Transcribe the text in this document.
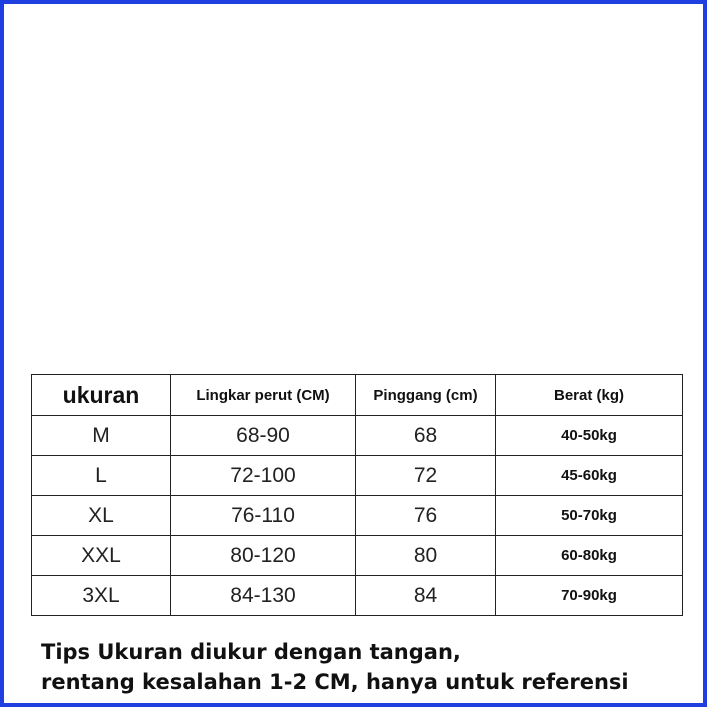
ukuran	Lingkar perut (CM)	Pinggang (cm)	Berat (kg)
M	68-90	68	40-50kg
L	72-100	72	45-60kg
XL	76-110	76	50-70kg
XXL	80-120	80	60-80kg
3XL	84-130	84	70-90kg
Tips Ukuran diukur dengan tangan,
rentang kesalahan 1-2 CM, hanya untuk referensi
